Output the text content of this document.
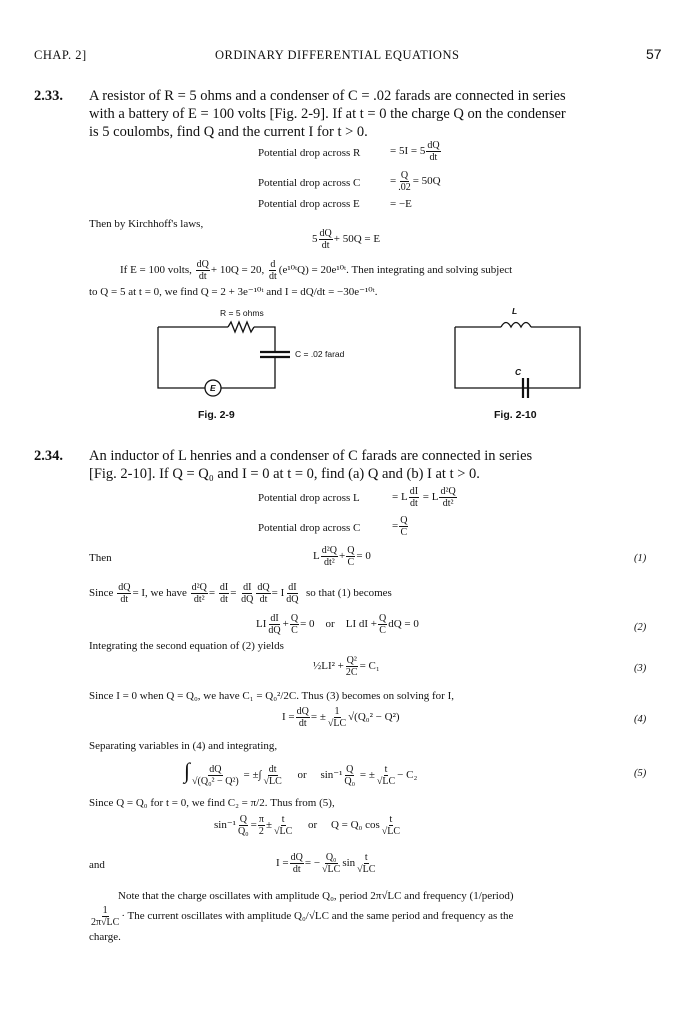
CHAP. 2]	ORDINARY DIFFERENTIAL EQUATIONS	57
2.33. A resistor of R = 5 ohms and a condenser of C = .02 farads are connected in series
with a battery of E = 100 volts [Fig. 2-9]. If at t = 0 the charge Q on the condenser
is 5 coulombs, find Q and the current I for t > 0.
Potential drop across R	= $5I = 5 \frac{dQ}{dt}$
Potential drop across C	= $\frac{Q}{.02} = 50Q$
Potential drop across E	= −E
Then by Kirchhoff's laws,
$5 \frac{dQ}{dt} + 50Q = E$
If E = 100 volts, $\frac{dQ}{dt} + 10Q = 20$, $\frac{d}{dt}$ (e¹⁰ᵗQ) = 20e¹⁰ᵗ. Then integrating and solving subject
to Q = 5 at t = 0, we find Q = 2 + 3e⁻¹⁰ᵗ and I = dQ/dt = −30e⁻¹⁰ᵗ.
R = 5 ohms
C = .02 farad
E
Fig. 2-9
L
C
Fig. 2-10
2.34. An inductor of L henries and a condenser of C farads are connected in series
[Fig. 2-10]. If Q = Q₀ and I = 0 at t = 0, find (a) Q and (b) I at t > 0.
Potential drop across L	= L $\frac{dI}{dt} = L \frac{\text{d²Q}}{\text{dt²}}$
Potential drop across C	= $\frac{Q}{C}$
Then	L $\frac{\text{d²Q}}{\text{dt²}} + \frac{Q}{C} = 0$	(1)
Since $\frac{dQ}{dt} = I$, we have $\frac{\text{d²Q}}{\text{dt²}} = \frac{dI}{dt} = \frac{dI}{dQ} \frac{dQ}{dt} = I \frac{dI}{dQ}$ so that (1) becomes
LI $\frac{dI}{dQ} + \frac{Q}{C} = 0$ or LI dI + $\frac{Q}{C}$ dQ = 0	(2)
Integrating the second equation of (2) yields
½LI² + $\frac{\text{Q²}}{2C} = C_1$	(3)
Since I = 0 when Q = Q₀, we have C₁ = Q₀²/2C. Thus (3) becomes on solving for I,
$I = \frac{dQ}{dt}$ = ± $\frac{1}{√LC} √(Q_0^2 - Q^2)$	(4)
Separating variables in (4) and integrating,
∫ $\frac{dQ}{\text{√(Q₀² − Q²)}}$ = ±∫ $\frac{dt}{√LC}$ or $\sin^{-1} \frac{Q}{\text{Q₀}}$ = ± $\frac{t}{√LC} - C_2$	(5)
Since Q = Q₀ for t = 0, we find C₂ = π/2. Thus from (5),
$\sin^{-1} \frac{Q}{\text{Q₀}} = \frac{\pi}{2} \pm \frac{t}{√LC}$ or Q = Q₀ $\cos \frac{t}{√LC}$
and	$I = \frac{dQ}{dt}$ = − $\frac{\text{Q₀}}{√LC}$ $\sin \frac{t}{√LC}$
Note that the charge oscillates with amplitude Q₀, period 2π√LC and frequency (1/period)
$\frac{1}{2\pi√LC}$ · The current oscillates with amplitude Q₀/√LC and the same period and frequency as the
charge.
